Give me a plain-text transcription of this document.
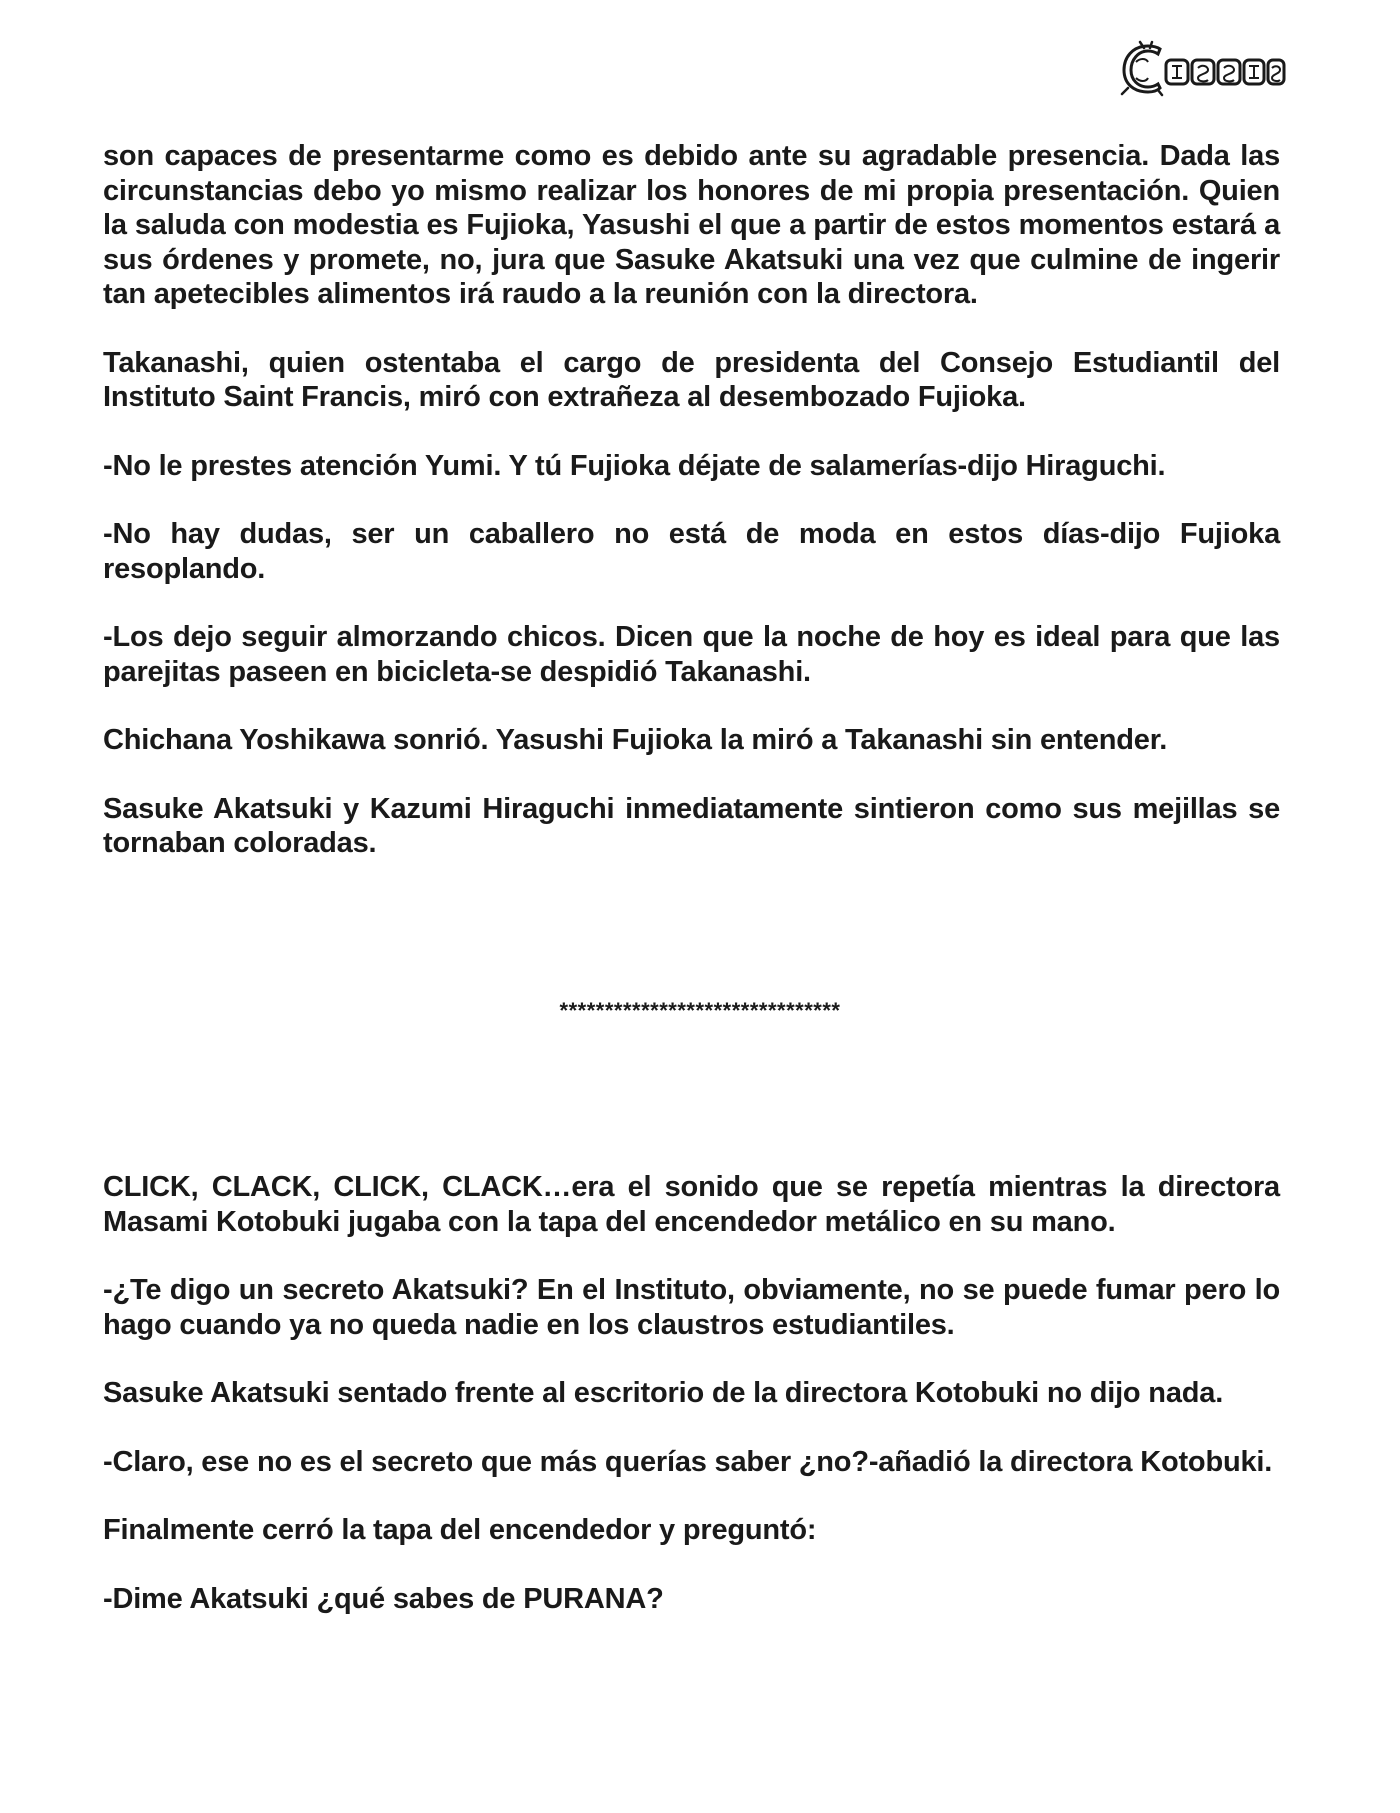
son capaces de presentarme como es debido ante su agradable presencia. Dada las circunstancias debo yo mismo realizar los honores de mi propia presentación. Quien la saluda con modestia es Fujioka, Yasushi el que a partir de estos momentos estará a sus órdenes y promete, no, jura que Sasuke Akatsuki una vez que culmine de ingerir tan apetecibles alimentos irá raudo a la reunión con la directora.

Takanashi, quien ostentaba el cargo de presidenta del Consejo Estudiantil del Instituto Saint Francis, miró con extrañeza al desembozado Fujioka.

-No le prestes atención Yumi. Y tú Fujioka déjate de salamerías-dijo Hiraguchi.

-No hay dudas, ser un caballero no está de moda en estos días-dijo Fujioka resoplando.

-Los dejo seguir almorzando chicos. Dicen que la noche de hoy es ideal para que las parejitas paseen en bicicleta-se despidió Takanashi.

Chichana Yoshikawa sonrió. Yasushi Fujioka la miró a Takanashi sin entender.

Sasuke Akatsuki y Kazumi Hiraguchi inmediatamente sintieron como sus mejillas se tornaban coloradas.

*******************************

CLICK, CLACK, CLICK, CLACK…era el sonido que se repetía mientras la directora Masami Kotobuki jugaba con la tapa del encendedor metálico en su mano.

-¿Te digo un secreto Akatsuki? En el Instituto, obviamente, no se puede fumar pero lo hago cuando ya no queda nadie en los claustros estudiantiles.

Sasuke Akatsuki sentado frente al escritorio de la directora Kotobuki no dijo nada.

-Claro, ese no es el secreto que más querías saber ¿no?-añadió la directora Kotobuki.

Finalmente cerró la tapa del encendedor y preguntó:

-Dime Akatsuki ¿qué sabes de PURANA?
